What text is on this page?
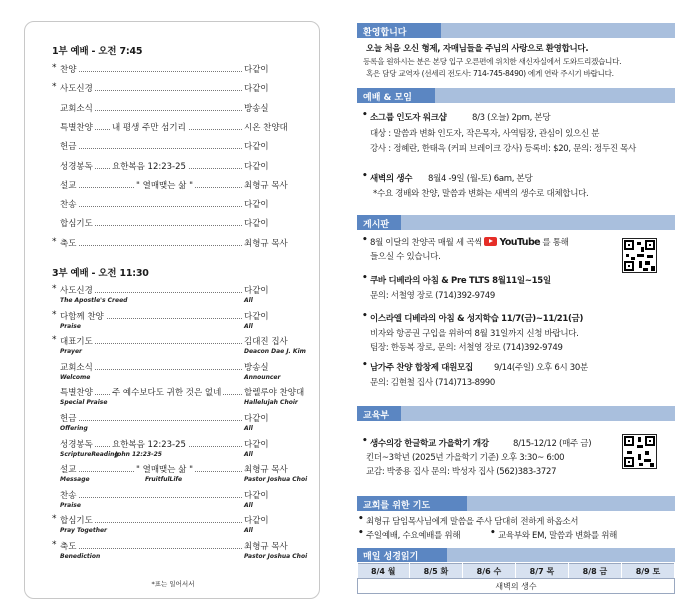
1부 예배 - 오전 7:45
* 찬양	다같이
* 사도신경	다같이
교회소식	방송실
특별찬양 내 평생 주만 섬기리	시온 찬양대
헌금	다같이
성경봉독 요한복음 12:23-25	다같이
설교	" 열매맺는 삶 "	최형규 목사
찬송	다같이
합심기도	다같이
* 축도	최형규 목사
3부 예배 - 오전 11:30
* 사도신경	다같이
The Apostle's Creed	All
* 다함께 찬양	다같이
Praise	All
* 대표기도	김대진 집사
Prayer	Deacon Dae J. Kim
교회소식	방송실
Welcome	Announcer
특별찬양 주 예수보다도 귀한 것은 없네	할렐루야 찬양대
Special Praise	Hallelujah Choir
헌금	다같이
Offering	All
성경봉독 요한복음 12:23-25	다같이
ScriptureReading
John 12:23-25	All
설교	" 열매맺는 삶 "	최형규 목사
Message	FruitfulLife	Pastor Joshua Choi
찬송	다같이
Praise	All
* 합심기도	다같이
Pray Together	All
* 축도	최형규 목사
Benediction	Pastor Joshua Choi
*표는 일어서서
환영합니다
오늘 처음 오신 형제, 자매님들을 주님의 사랑으로 환영합니다.
등록을 원하시는 분은 본당 입구 오른편에 위치한 새신자실에서 도와드리겠습니다.
혹은 담당 교역자 (선세리 전도사: 714-745-8490) 에게 연락 주시기 바랍니다.
예배 & 모임
• 소그룹 인도자 워크샵	8/3 (오늘) 2pm, 본당
대상 : 말씀과 변화 인도자, 작은목자, 사역팀장, 관심이 있으신 분
강사 : 정혜란, 한태윽 (커피 브레이크 강사) 등록비: $20, 문의: 정두진 목사
• 새벽의 생수 8월4 -9일 (월-토) 6am, 본당
*수요 경배와 찬양, 말씀과 변화는 새벽의 생수로 대체합니다.
게시판
• 8월 이달의 찬양곡 매월 세 곡씩 YouTube 를 통해
들으실 수 있습니다.
• 쿠바 디베라의 아침 & Pre TLTS 8월11일~15일
문의: 서철영 장로 (714)392-9749
• 이스라엘 디베라의 아침 & 성지학습 11/7(금)~11/21(금)
비자와 항공권 구입을 위하여 8월 31일까지 신청 바랍니다.
팀장: 한동복 장로, 문의: 서철영 장로 (714)392-9749
• 남가주 찬양 합창제 대원모집 9/14(주일) 오후 6시 30분
문의: 김현철 집사 (714)713-8990
교육부
• 생수의강 한글학교 가을학기 개강	8/15-12/12 (매주 금)
킨더~3학년 (2025년 가을학기 기준) 오후 3:30~ 6:00
교감: 박중용 집사 문의: 박성자 집사 (562)383-3727
교회를 위한 기도
• 최형규 담임목사님에게 말씀을 주사 담대히 전하게 하옵소서
• 주일예배, 수요예배를 위해	• 교육부와 EM, 말씀과 변화를 위해
매일 성경읽기
8/4 월	8/5 화	8/6 수	8/7 목	8/8 금	8/9 토
새벽의 생수
